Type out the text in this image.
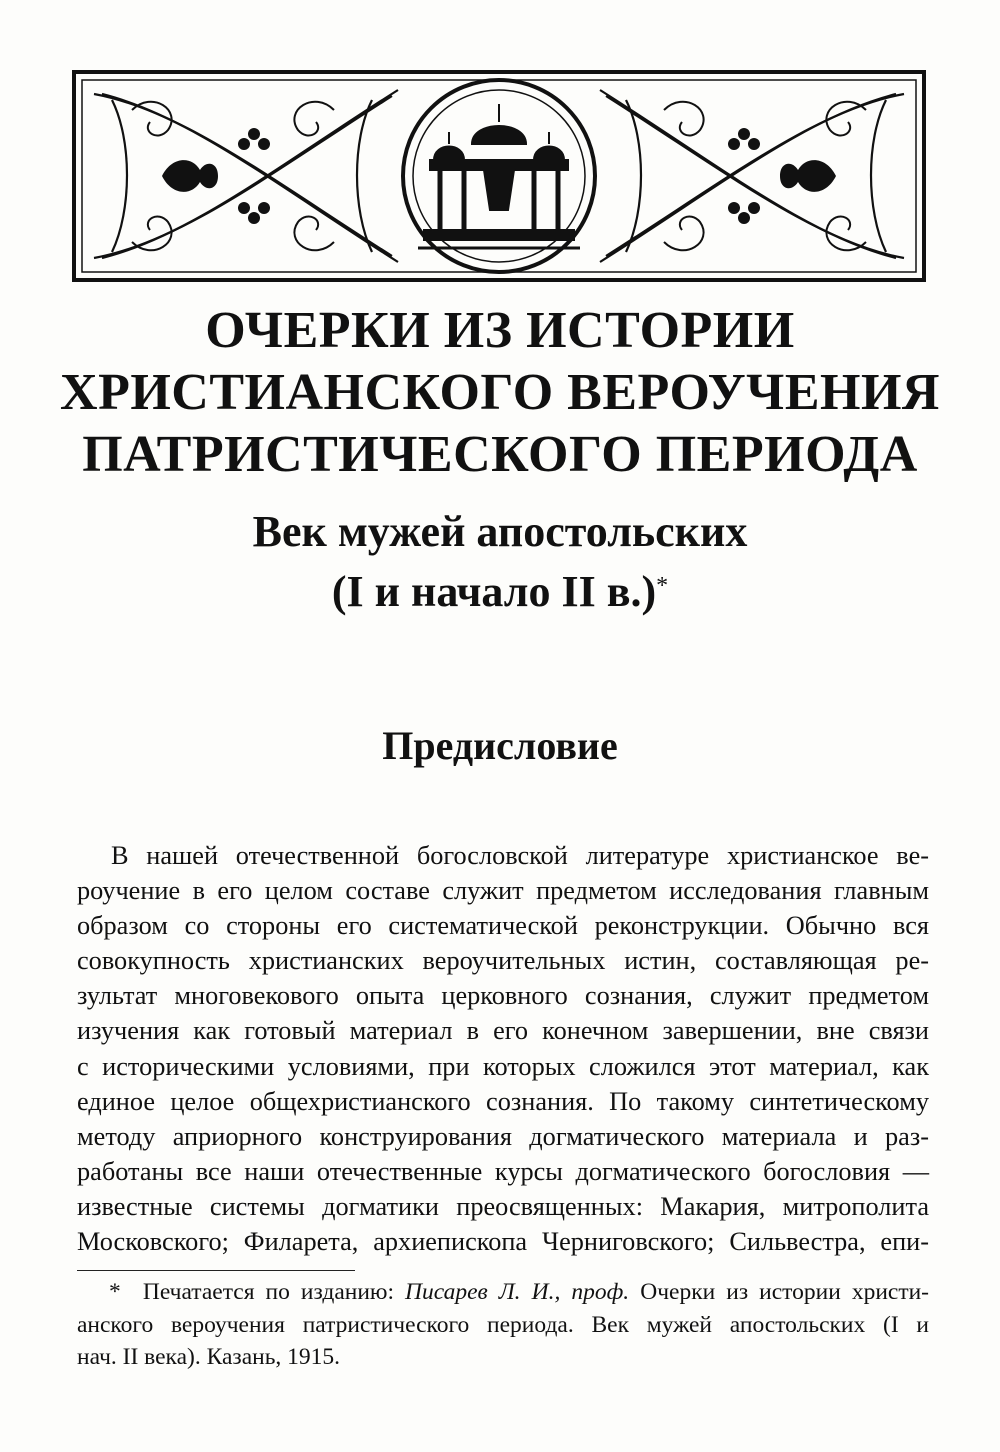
ОЧЕРКИ ИЗ ИСТОРИИ
ХРИСТИАНСКОГО ВЕРОУЧЕНИЯ
ПАТРИСТИЧЕСКОГО ПЕРИОДА
Век мужей апостольских
(I и начало II в.)*
Предисловие
В нашей отечественной богословской литературе христианское ве-
роучение в его целом составе служит предметом исследования главным
образом со стороны его систематической реконструкции. Обычно вся
совокупность христианских вероучительных истин, составляющая ре-
зультат многовекового опыта церковного сознания, служит предметом
изучения как готовый материал в его конечном завершении, вне связи
с историческими условиями, при которых сложился этот материал, как
единое целое общехристианского сознания. По такому синтетическому
методу априорного конструирования догматического материала и раз-
работаны все наши отечественные курсы догматического богословия —
известные системы догматики преосвященных: Макария, митрополита
Московского; Филарета, архиепископа Черниговского; Сильвестра, епи-
* Печатается по изданию: Писарев Л. И., проф. Очерки из истории христи-
анского вероучения патристического периода. Век мужей апостольских (I и
нач. II века). Казань, 1915.
